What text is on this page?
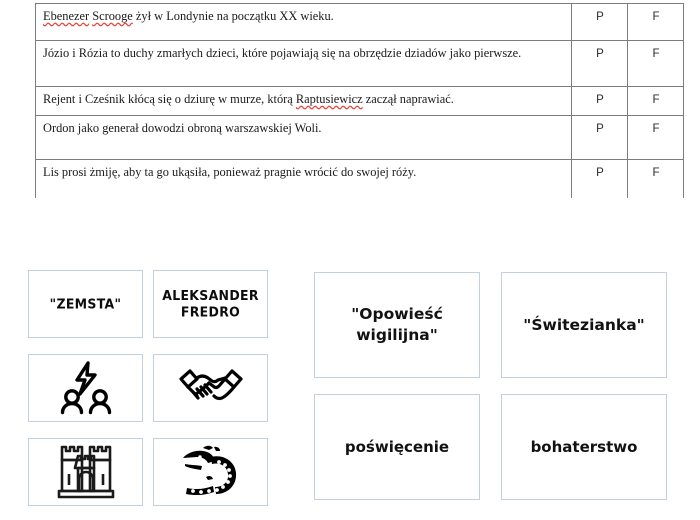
Ebenezer Scrooge żył w Londynie na początku XX wieku.	P	F
Józio i Rózia to duchy zmarłych dzieci, które pojawiają się na obrzędzie dziadów jako pierwsze.	P	F
Rejent i Cześnik kłócą się o dziurę w murze, którą Raptusiewicz zaczął naprawiać.	P	F
Ordon jako generał dowodzi obroną warszawskiej Woli.	P	F
Lis prosi żmiję, aby ta go ukąsiła, ponieważ pragnie wrócić do swojej róży.	P	F
"ZEMSTA"
ALEKSANDER FREDRO	"Opowieść wigilijna"
"Świtezianka"
poświęcenie	bohaterstwo
